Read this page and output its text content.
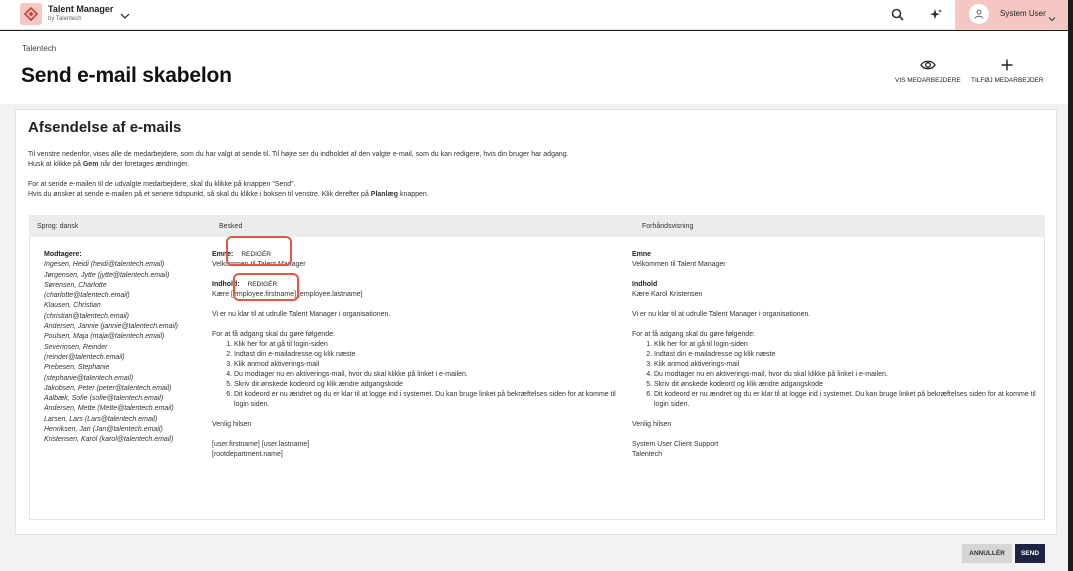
Talent Manager
by Talentech
System User
Talentech
Send e-mail skabelon	VIS MEDARBEJDERE TILFØJ MEDARBEJDER
Afsendelse af e-mails

Til venstre nedenfor, vises alle de medarbejdere, som du har valgt at sende til. Til højre ser du indholdet af den valgte e-mail, som du kan redigere, hvis din bruger har adgang.

Husk at klikke på Gem når der foretages ændringer.

For at sende e-mailen til de udvalgte medarbejdere, skal du klikke på knappen "Send".

Hvis du ønsker at sende e-mailen på et senere tidspunkt, så skal du klikke i boksen til venstre. Klik derefter på Planlæg knappen.

Sprog: dansk	Besked	Forhåndsvisning
Modtagere:
Ingesen, Heidi (heidi@talentech.email)
Jørgensen, Jytte (jytte@talentech.email)
Sørensen, Charlotte
(charlotte@talentech.email)
Klausen, Christian
(christian@talentech.email)
Andersen, Jannie (jannie@talentech.email)
Poulsen, Maja (maja@talentech.email)
Severinsen, Reinder
(reinder@talentech.email)
Prebesen, Stephanie
(stephanie@talentech.email)
Jakobsen, Peter (peter@talentech.email)
Aalbæk, Sofie (sofie@talentech.email)
Andersen, Mette (Mette@talentech.email)
Larsen, Lars (Lars@talentech.email)
Henriksen, Jan (Jan@talentech.email)
Kristensen, Karol (karol@talentech.email)
Emne: REDIGÉR
Velkommen til Talent Manager
Indhold: REDIGÉR
Kære [employee.firstname] [employee.lastname]
Vi er nu klar til at udrulle Talent Manager i organisationen.
For at få adgang skal du gøre følgende:
1. Klik her for at gå til login-siden
2. Indtast din e-mailadresse og klik næste
3. Klik anmod aktiverings-mail
4. Du modtager nu en aktiverings-mail, hvor du skal klikke på linket i e-mailen.
5. Skriv dit ønskede kodeord og klik ændre adgangskode
6. Dit kodeord er nu ændret og du er klar til at logge ind i systemet. Du kan bruge linket på bekræftelses siden for at komme til login siden.
Venlig hilsen
[user.firstname] [user.lastname]
[rootdepartment.name]
Emne
Velkommen til Talent Manager
Indhold
Kære Karol Kristensen
Vi er nu klar til at udrulle Talent Manager i organisationen.
For at få adgang skal du gøre følgende:
1. Klik her for at gå til login-siden
2. Indtast din e-mailadresse og klik næste
3. Klik anmod aktiverings-mail
4. Du modtager nu en aktiverings-mail, hvor du skal klikke på linket i e-mailen.
5. Skriv dit ønskede kodeord og klik ændre adgangskode
6. Dit kodeord er nu ændret og du er klar til at logge ind i systemet. Du kan bruge linket på bekræftelses siden for at komme til login siden.
Venlig hilsen
System User Client Support
Talentech
ANNULLÉR	SEND
